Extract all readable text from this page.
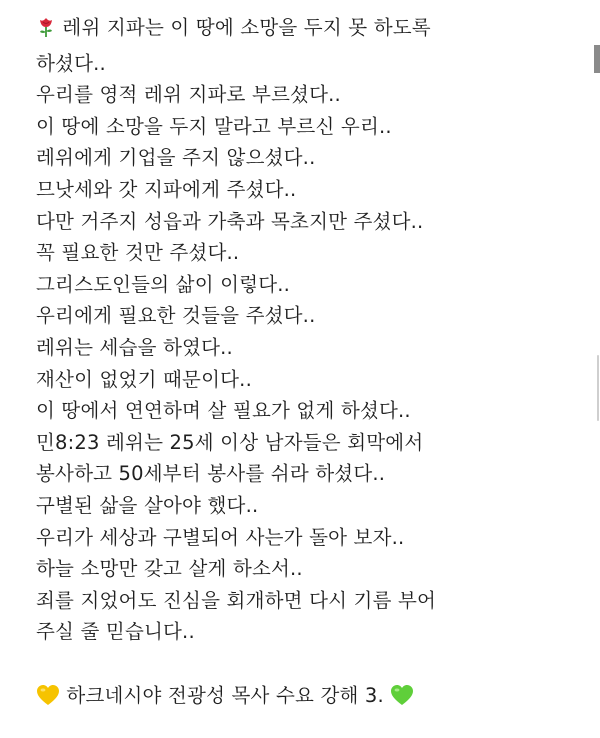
레위 지파는 이 땅에 소망을 두지 못 하도록
하셨다..
우리를 영적 레위 지파로 부르셨다..
이 땅에 소망을 두지 말라고 부르신 우리..
레위에게 기업을 주지 않으셨다..
므낫세와 갓 지파에게 주셨다..
다만 거주지 성읍과 가축과 목초지만 주셨다..
꼭 필요한 것만 주셨다..
그리스도인들의 삶이 이렇다..
우리에게 필요한 것들을 주셨다..
레위는 세습을 하였다..
재산이 없었기 때문이다..
이 땅에서 연연하며 살 필요가 없게 하셨다..
민8:23 레위는 25세 이상 남자들은 회막에서
봉사하고 50세부터 봉사를 쉬라 하셨다..
구별된 삶을 살아야 했다..
우리가 세상과 구별되어 사는가 돌아 보자..
하늘 소망만 갖고 살게 하소서..
죄를 지었어도 진심을 회개하면 다시 기름 부어
주실 줄 믿습니다..
하크네시야 전광성 목사 수요 강해 3.
